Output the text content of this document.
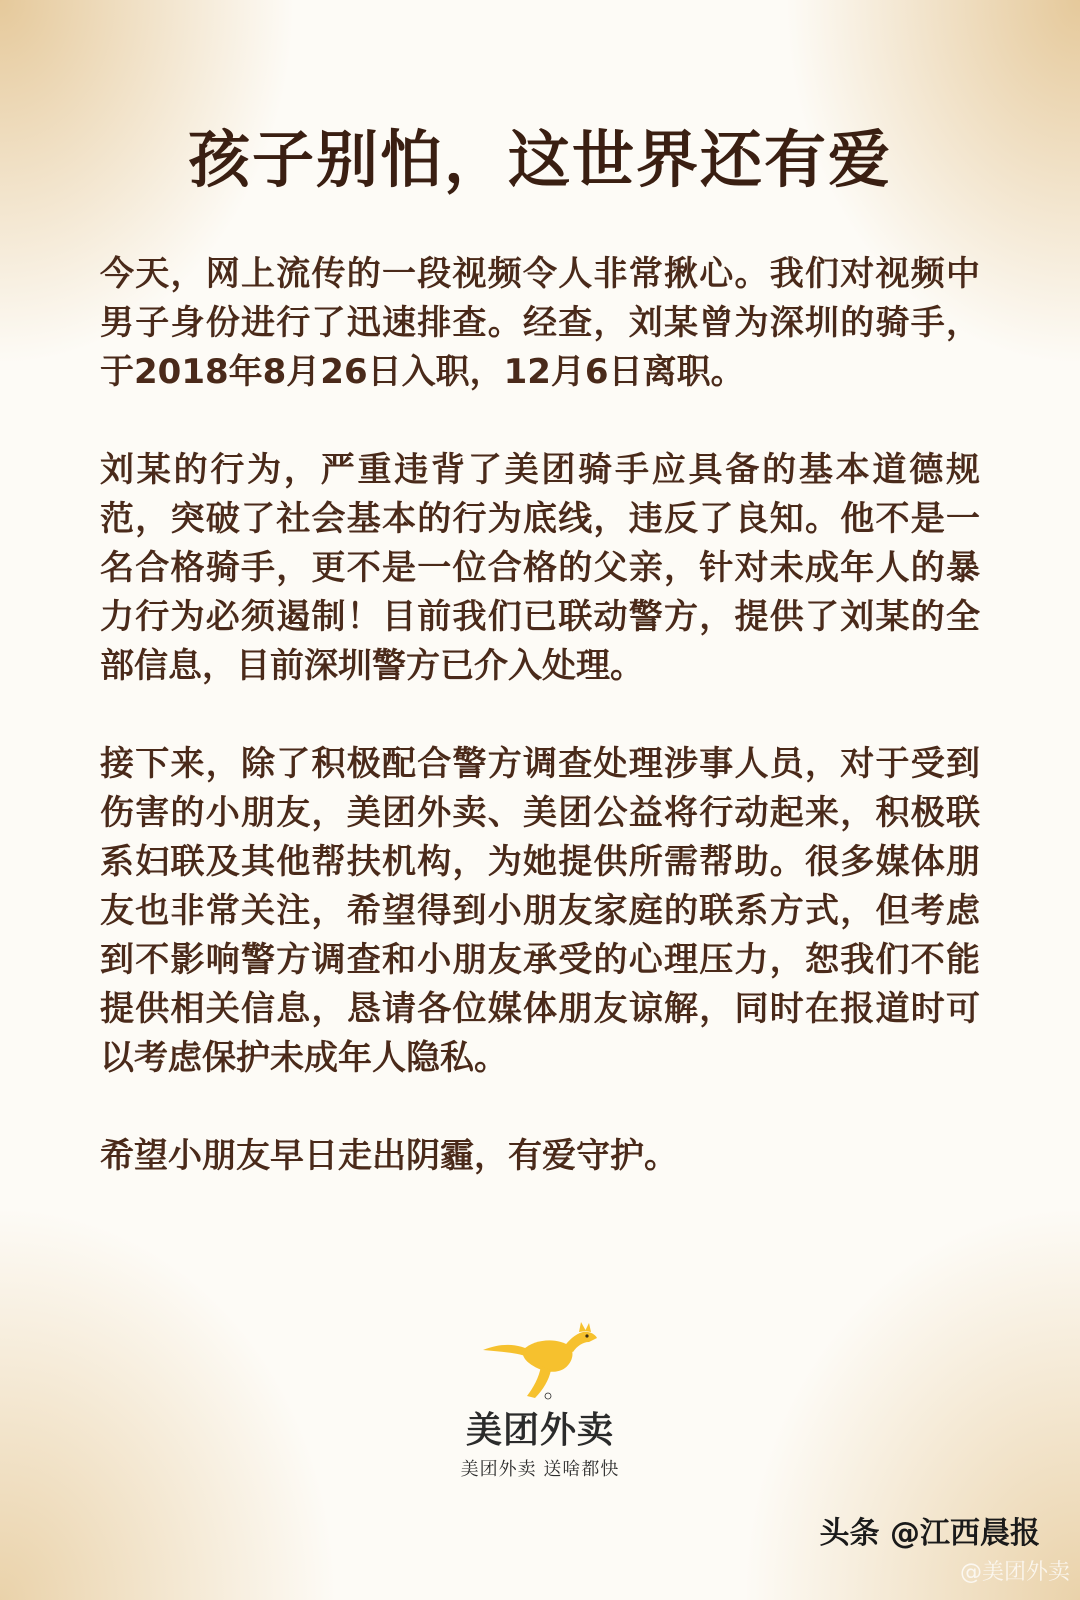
孩子别怕，这世界还有爱

今天，网上流传的一段视频令人非常揪心。我们对视频中男子身份进行了迅速排查。经查，刘某曾为深圳的骑手，于2018年8月26日入职，12月6日离职。

刘某的行为，严重违背了美团骑手应具备的基本道德规范，突破了社会基本的行为底线，违反了良知。他不是一名合格骑手，更不是一位合格的父亲，针对未成年人的暴力行为必须遏制！目前我们已联动警方，提供了刘某的全部信息，目前深圳警方已介入处理。

接下来，除了积极配合警方调查处理涉事人员，对于受到伤害的小朋友，美团外卖、美团公益将行动起来，积极联系妇联及其他帮扶机构，为她提供所需帮助。很多媒体朋友也非常关注，希望得到小朋友家庭的联系方式，但考虑到不影响警方调查和小朋友承受的心理压力，恕我们不能提供相关信息，恳请各位媒体朋友谅解，同时在报道时可以考虑保护未成年人隐私。

希望小朋友早日走出阴霾，有爱守护。

美团外卖
美团外卖 送啥都快
头条 @江西晨报
@美团外卖
